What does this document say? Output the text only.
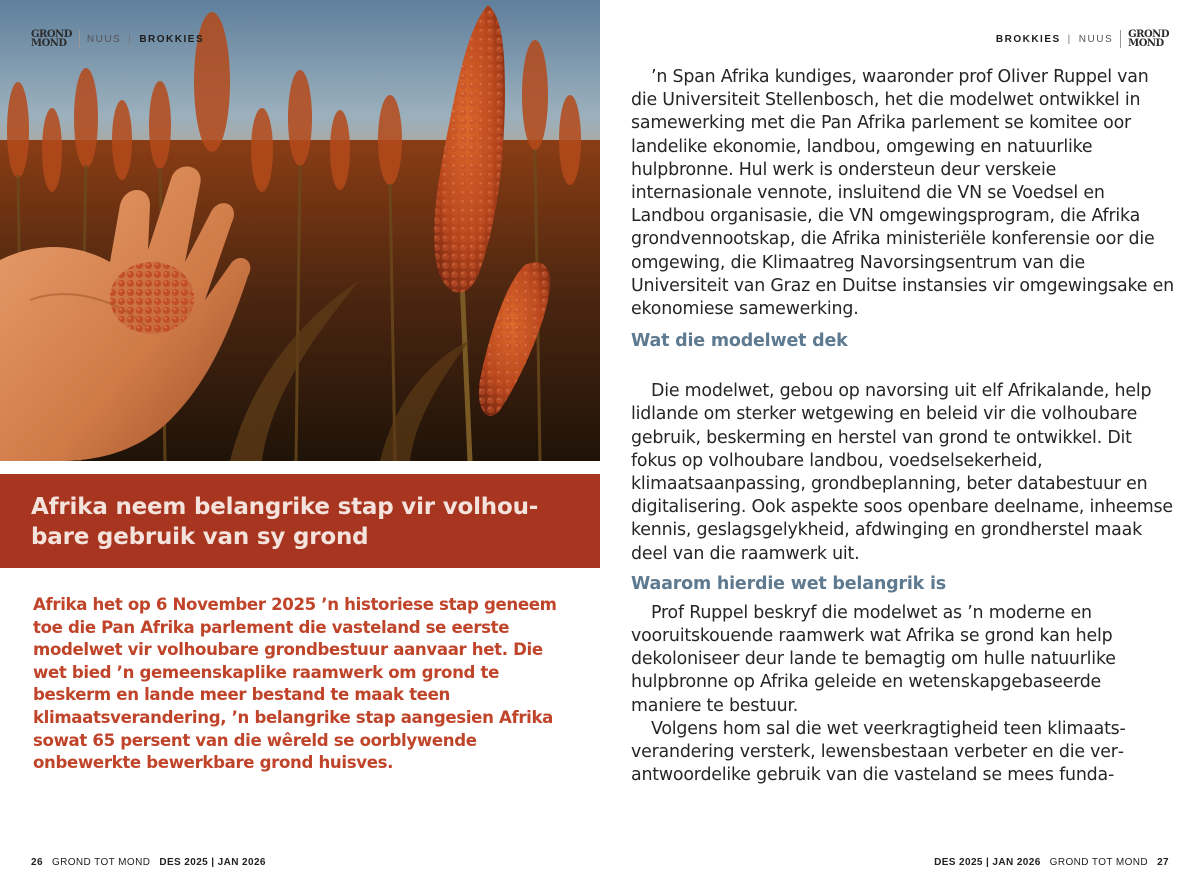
GROND
MOND	NUUS | BROKKIES
Afrika neem belangrike stap vir volhoubare gebruik van sy grond

Afrika het op 6 November 2025 ’n historiese stap geneem toe die Pan Afrika parlement die vasteland se eerste modelwet vir volhoubare grondbestuur aanvaar het. Die wet bied ’n gemeenskaplike raamwerk om grond te beskerm en lande meer bestand te maak teen klimaatsverandering, ’n belangrike stap aangesien Afrika sowat 65 persent van die wêreld se oorblywende onbewerkte bewerkbare grond huisves.

26 GROND TOT MOND DES 2025 | JAN 2026
BROKKIES | NUUS GROND
MOND

’n Span Afrika kundiges, waaronder prof Oliver Ruppel van die Universiteit Stellenbosch, het die modelwet ontwikkel in samewerking met die Pan Afrika parlement se komitee oor landelike ekonomie, landbou, omgewing en natuurlike hulpbronne. Hul werk is ondersteun deur verskeie internasionale vennote, insluitend die VN se Voedsel en Landbou organisasie, die VN omgewingsprogram, die Afrika grondvennootskap, die Afrika ministeriële konferensie oor die omgewing, die Klimaatreg Navorsingsentrum van die Universiteit van Graz en Duitse instansies vir omgewingsake en ekonomiese samewerking.

Wat die modelwet dek

Die modelwet, gebou op navorsing uit elf Afrikalande, help lidlande om sterker wetgewing en beleid vir die volhoubare gebruik, beskerming en herstel van grond te ontwikkel. Dit fokus op volhoubare landbou, voedselsekerheid, klimaatsaanpassing, grondbeplanning, beter databestuur en digitalisering. Ook aspekte soos openbare deelname, inheemse kennis, geslagsgelykheid, afdwinging en grondherstel maak deel van die raamwerk uit.

Waarom hierdie wet belangrik is

Prof Ruppel beskryf die modelwet as ’n moderne en vooruitskouende raamwerk wat Afrika se grond kan help dekoloniseer deur lande te bemagtig om hulle natuurlike hulpbronne op Afrika geleide en wetenskapgebaseerde maniere te bestuur.

Volgens hom sal die wet veerkragtigheid teen klimaatsverandering versterk, lewensbestaan verbeter en die verantwoordelike gebruik van die vasteland se mees funda-

DES 2025 | JAN 2026 GROND TOT MOND 27
